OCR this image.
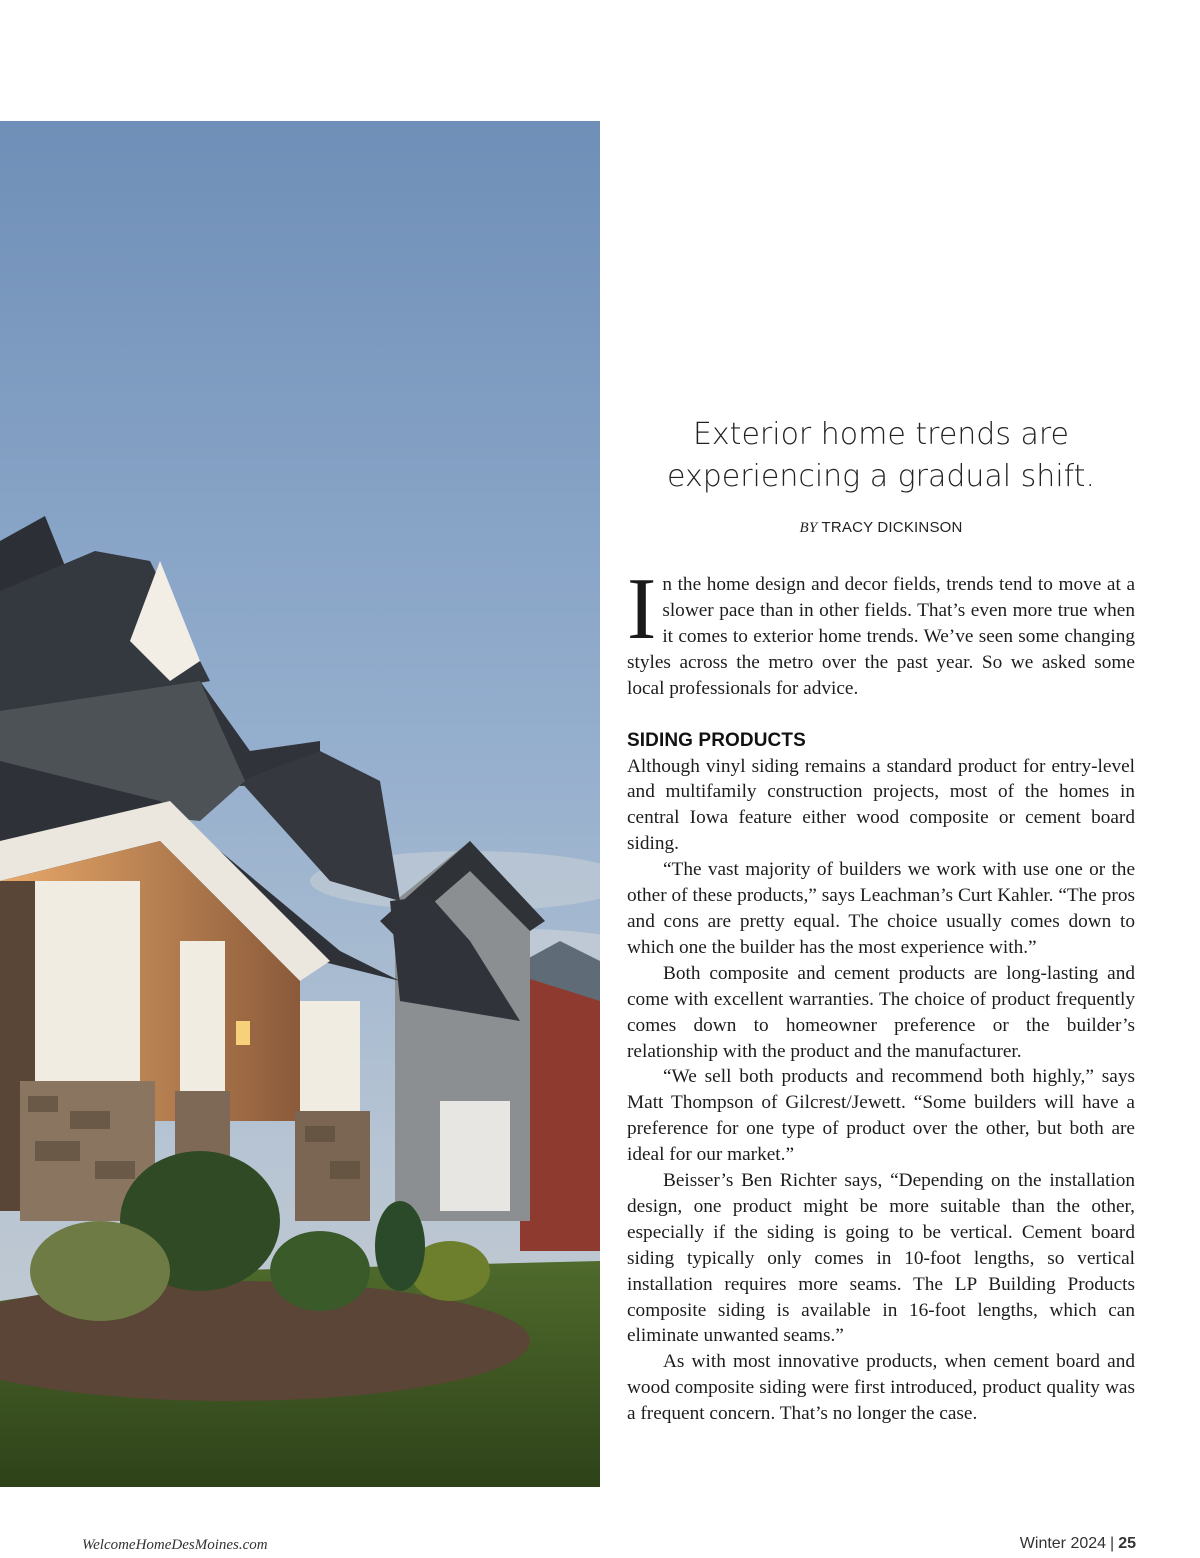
Exterior home trends are experiencing a gradual shift.
BY TRACY DICKINSON

In the home design and decor fields, trends tend to move at a slower pace than in other fields. That’s even more true when it comes to exterior home trends. We’ve seen some changing styles across the metro over the past year. So we asked some local professionals for advice.

SIDING PRODUCTS

Although vinyl siding remains a standard product for entry-level and multifamily construction projects, most of the homes in central Iowa feature either wood composite or cement board siding.

“The vast majority of builders we work with use one or the other of these products,” says Leachman’s Curt Kahler. “The pros and cons are pretty equal. The choice usually comes down to which one the builder has the most experience with.”

Both composite and cement products are long-lasting and come with excellent warranties. The choice of product frequently comes down to homeowner preference or the builder’s relationship with the product and the manufacturer.

“We sell both products and recommend both highly,” says Matt Thompson of Gilcrest/Jewett. “Some builders will have a preference for one type of product over the other, but both are ideal for our market.”

Beisser’s Ben Richter says, “Depending on the installation design, one product might be more suitable than the other, especially if the siding is going to be vertical. Cement board siding typically only comes in 10-foot lengths, so vertical installation requires more seams. The LP Building Products composite siding is available in 16-foot lengths, which can eliminate unwanted seams.”

As with most innovative products, when cement board and wood composite siding were first introduced, product quality was a frequent concern. That’s no longer the case.

WelcomeHomeDesMoines.com	Winter 2024 | 25
